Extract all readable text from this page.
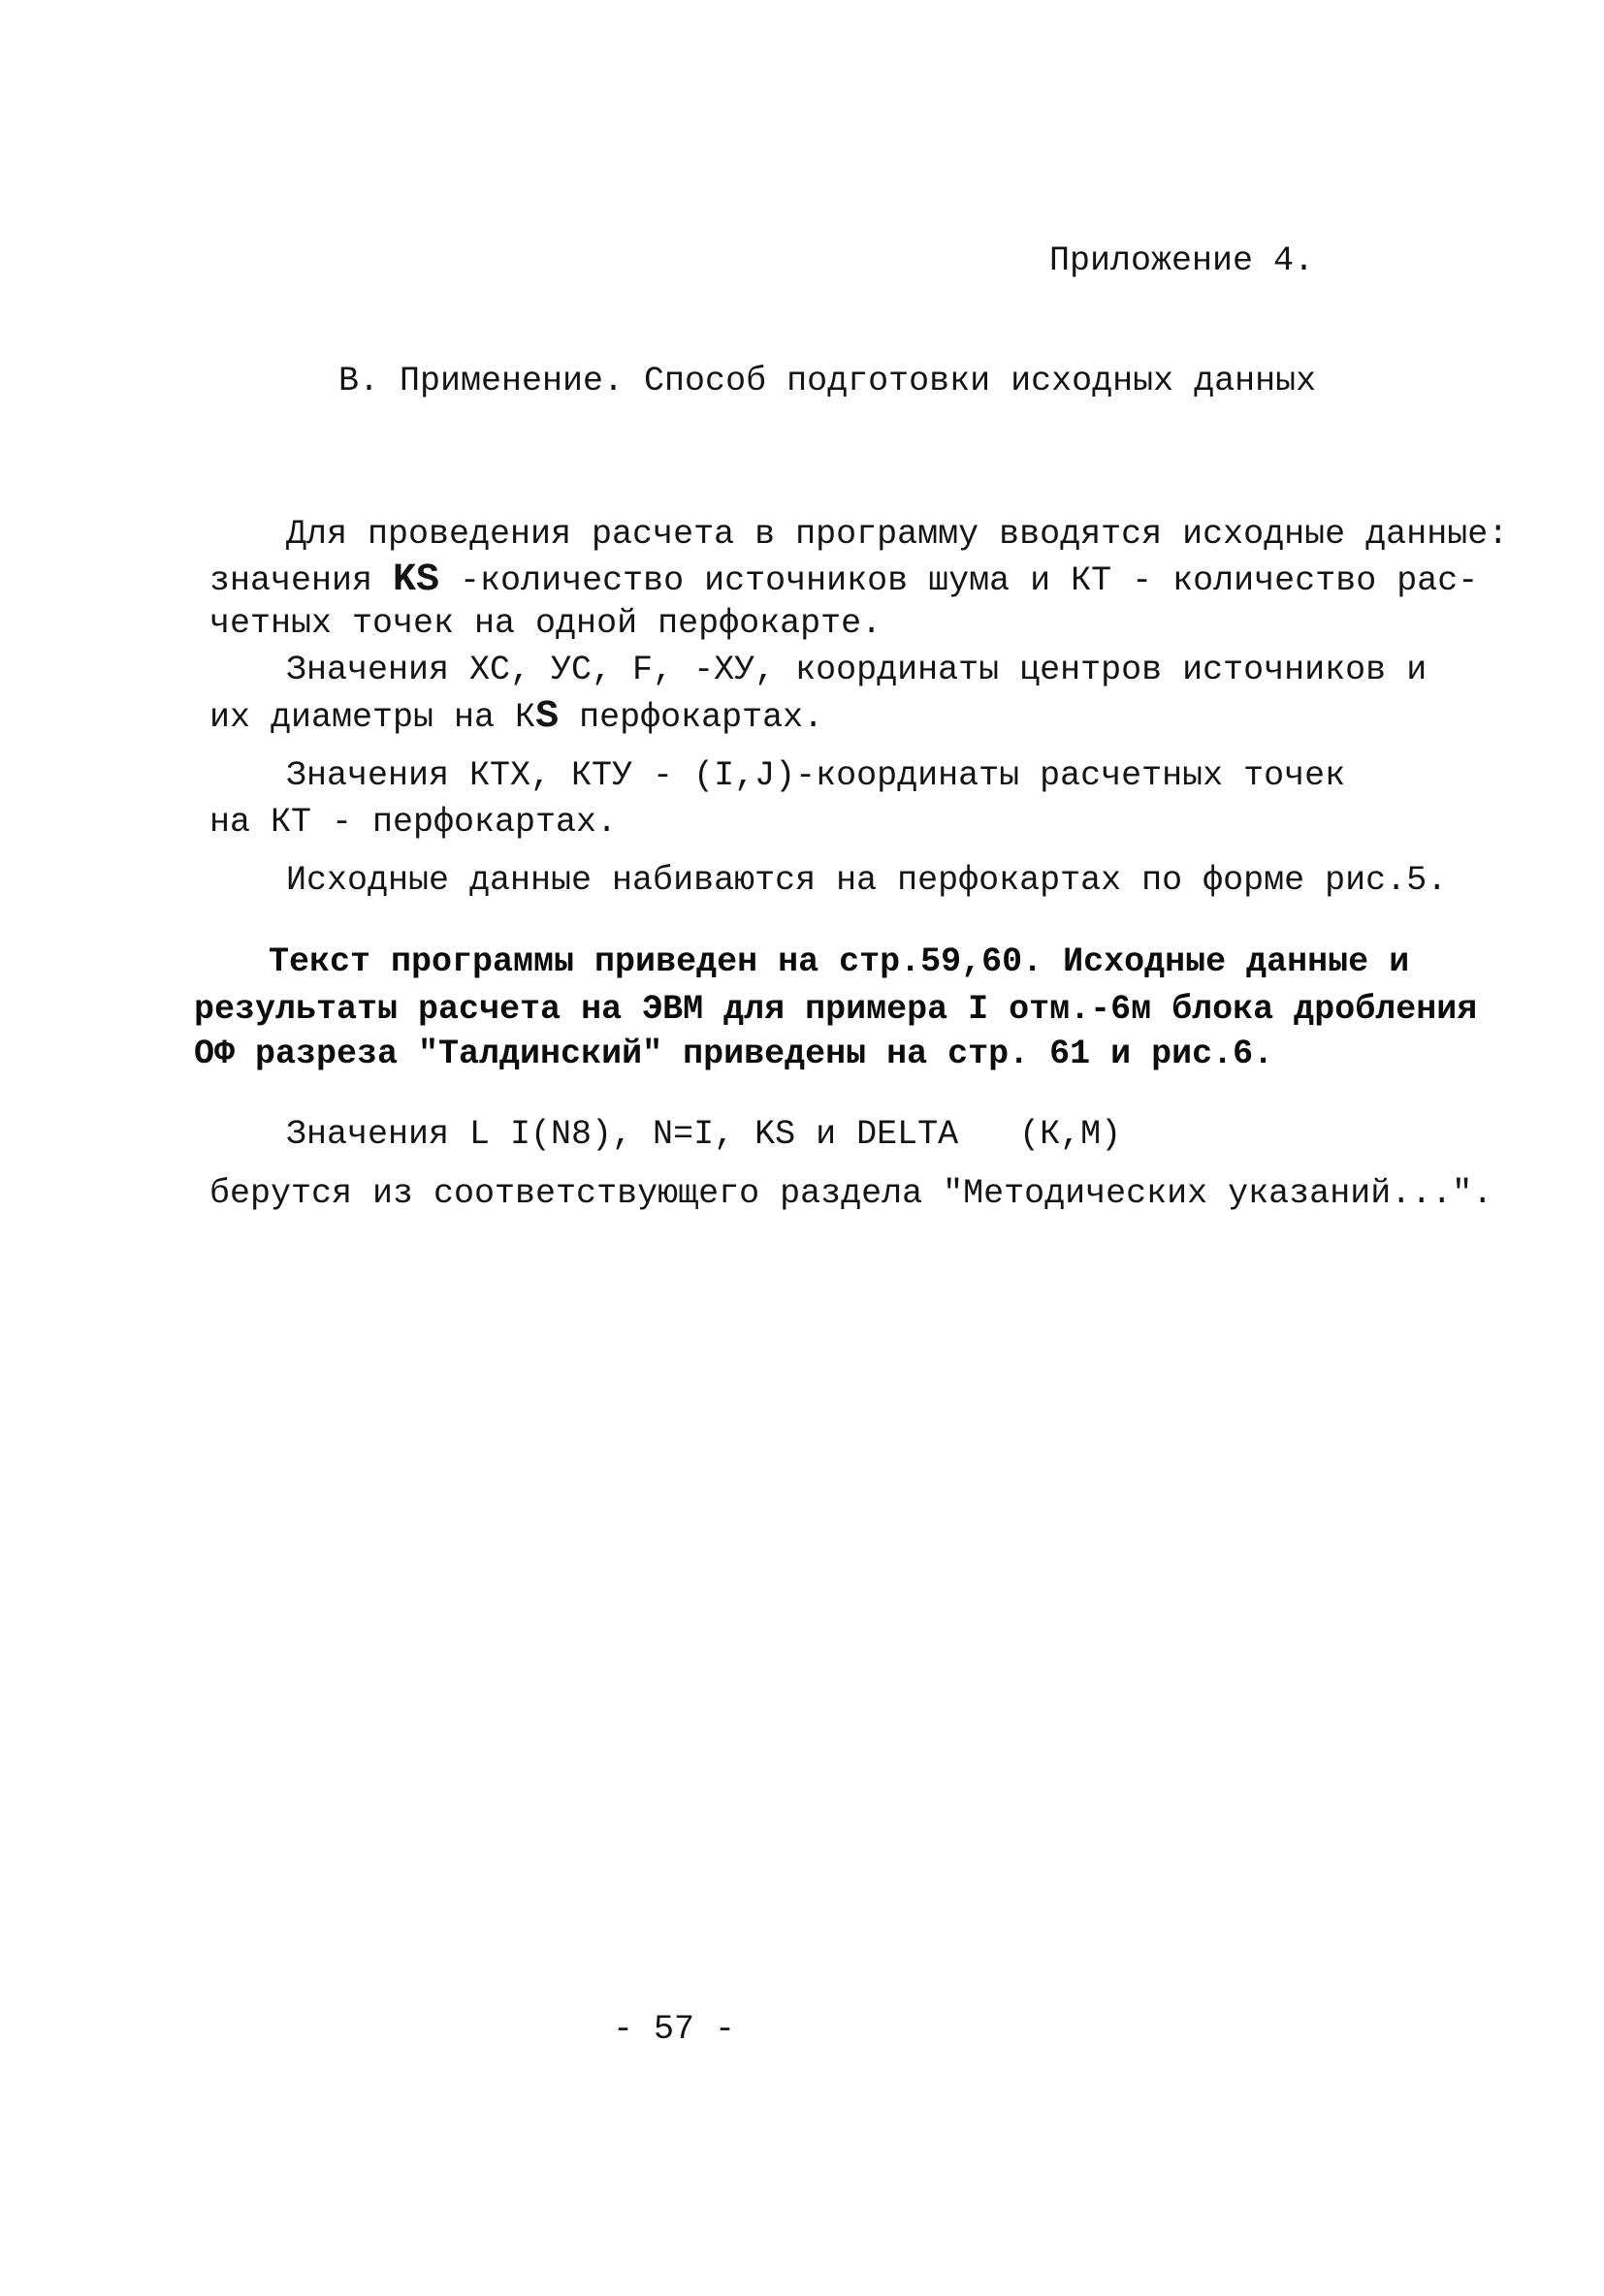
Приложение 4.
В. Применение. Способ подготовки исходных данных
Для проведения расчета в программу вводятся исходные данные:
значения KS -количество источников шума и КТ - количество рас-
четных точек на одной перфокарте.
Значения ХС, УС, F, -XУ, координаты центров источников и
их диаметры на КS перфокартах.
Значения КТХ, КТУ - (I,J)-координаты расчетных точек
на КТ - перфокартах.
Исходные данные набиваются на перфокартах по форме рис.5.
Текст программы приведен на стр.59,60. Исходные данные и
результаты расчета на ЭВМ для примера I отм.-6м блока дробления
ОФ разреза "Талдинский" приведены на стр. 61 и рис.6.
Значения L I(N8), N=I, KS и DELTA   (К,М)
берутся из соответствующего раздела "Методических указаний...".
- 57 -
